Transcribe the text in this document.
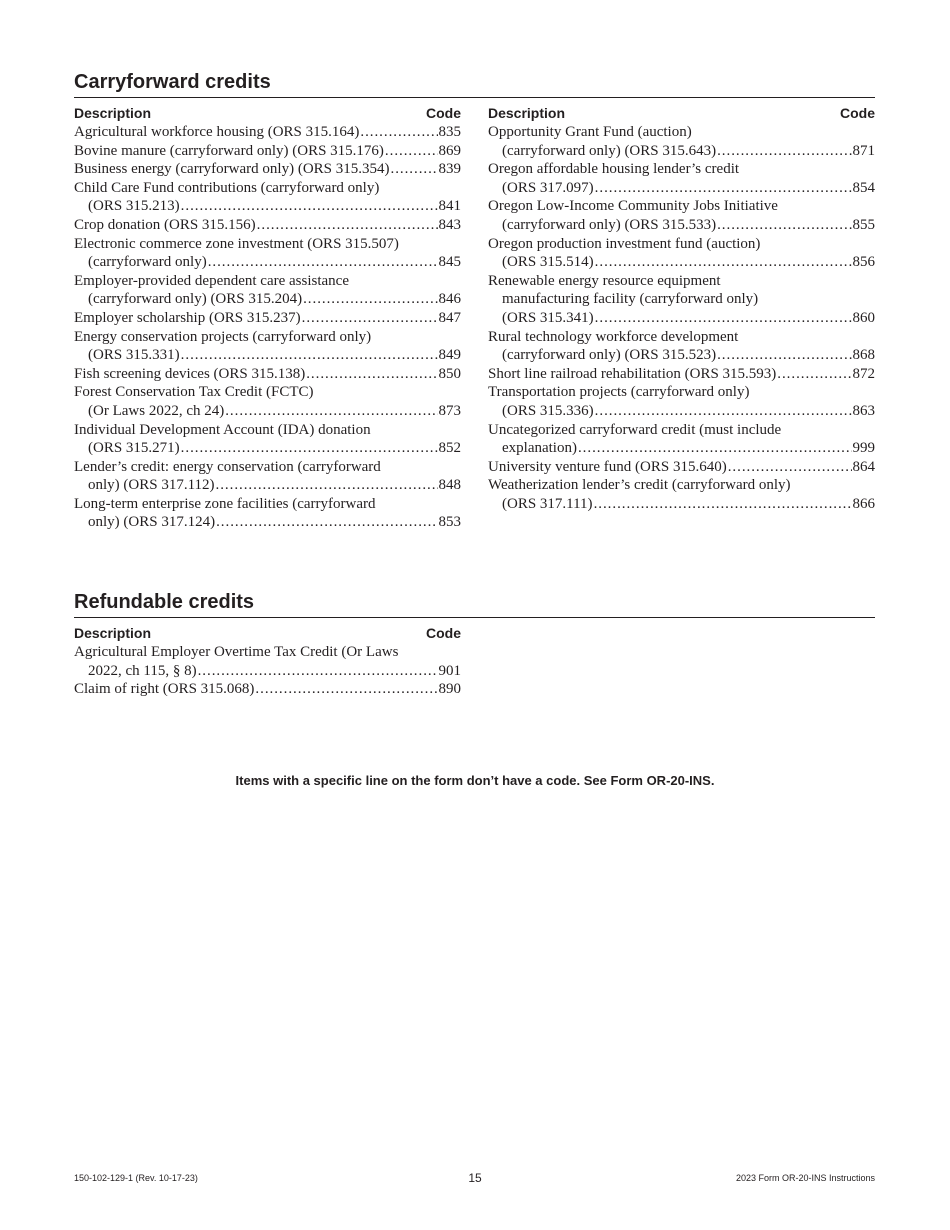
Carryforward credits
Description	Code
Agricultural workforce housing (ORS 315.164) . . .	835
Bovine manure (carryforward only) (ORS 315.176) . . .	869
Business energy (carryforward only) (ORS 315.354) . . .	839
Child Care Fund contributions (carryforward only)
(ORS 315.213) . . .	841
Crop donation (ORS 315.156) . . .	843
Electronic commerce zone investment (ORS 315.507)
(carryforward only) . . .	845
Employer-provided dependent care assistance
(carryforward only) (ORS 315.204) . . .	846
Employer scholarship (ORS 315.237) . . .	847
Energy conservation projects (carryforward only)
(ORS 315.331) . . .	849
Fish screening devices (ORS 315.138) . . .	850
Forest Conservation Tax Credit (FCTC)
(Or Laws 2022, ch 24) . . .	873
Individual Development Account (IDA) donation
(ORS 315.271) . . .	852
Lender’s credit: energy conservation (carryforward
only) (ORS 317.112) . . .	848
Long-term enterprise zone facilities (carryforward
only) (ORS 317.124) . . .	853
Description	Code
Opportunity Grant Fund (auction)
(carryforward only) (ORS 315.643) . . .	871
Oregon affordable housing lender’s credit
(ORS 317.097) . . .	854
Oregon Low-Income Community Jobs Initiative
(carryforward only) (ORS 315.533) . . .	855
Oregon production investment fund (auction)
(ORS 315.514) . . .	856
Renewable energy resource equipment
manufacturing facility (carryforward only)
(ORS 315.341) . . .	860
Rural technology workforce development
(carryforward only) (ORS 315.523) . . .	868
Short line railroad rehabilitation (ORS 315.593) . . .	872
Transportation projects (carryforward only)
(ORS 315.336) . . .	863
Uncategorized carryforward credit (must include
explanation) . . .	999
University venture fund (ORS 315.640) . . .	864
Weatherization lender’s credit (carryforward only)
(ORS 317.111) . . .	866
Refundable credits
Description	Code
Agricultural Employer Overtime Tax Credit (Or Laws
2022, ch 115, § 8) . . .	901
Claim of right (ORS 315.068) . . .	890
Items with a specific line on the form don’t have a code. See Form OR-20-INS.
150-102-129-1 (Rev. 10-17-23)	15	2023 Form OR-20-INS Instructions
